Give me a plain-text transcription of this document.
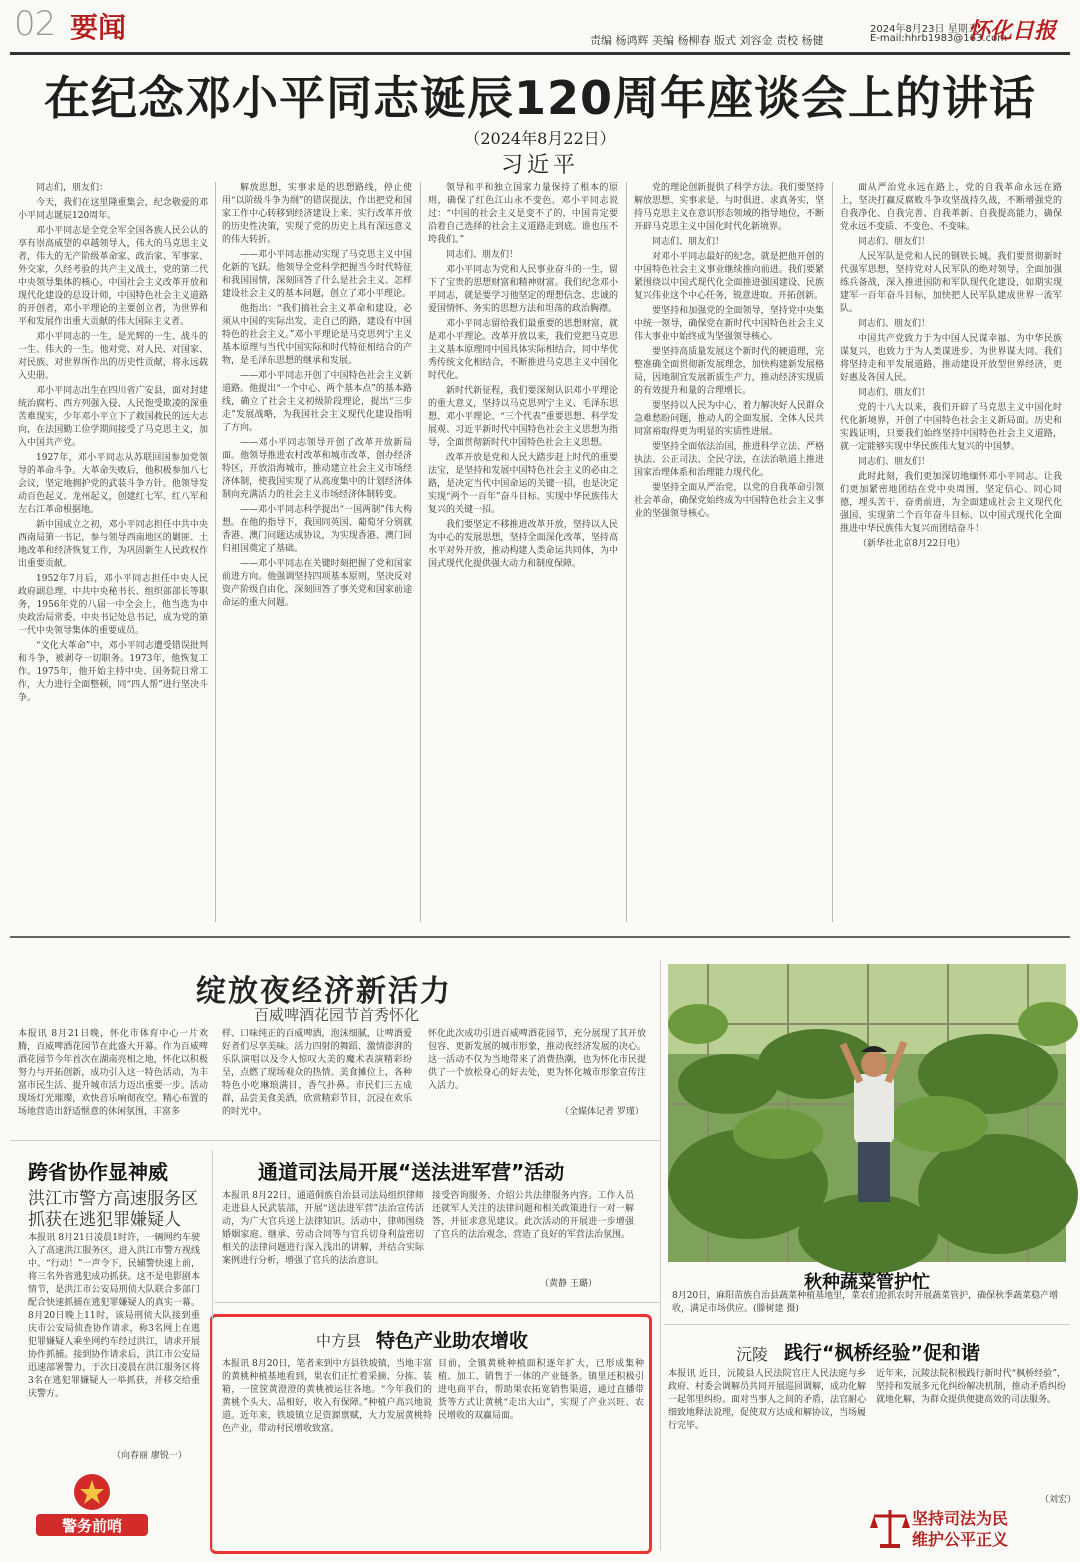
02 要闻	责编 杨鸿辉 美编 杨柳春 版式 刘容金 责校 杨健
2024年8月23日 星期五
E-mail:hhrb1983@163.com
怀化日报
在纪念邓小平同志诞辰120周年座谈会上的讲话
（2024年8月22日）
习近平

同志们，朋友们：

今天，我们在这里隆重集会，纪念敬爱的邓小平同志诞辰120周年。

邓小平同志是全党全军全国各族人民公认的享有崇高威望的卓越领导人，伟大的马克思主义者，伟大的无产阶级革命家、政治家、军事家、外交家，久经考验的共产主义战士，党的第二代中央领导集体的核心，中国社会主义改革开放和现代化建设的总设计师，中国特色社会主义道路的开创者，邓小平理论的主要创立者，为世界和平和发展作出重大贡献的伟大国际主义者。

邓小平同志的一生，是光辉的一生、战斗的一生、伟大的一生。他对党、对人民、对国家、对民族、对世界所作出的历史性贡献，将永远载入史册。

邓小平同志出生在四川省广安县，面对封建统治腐朽、西方列强入侵、人民饱受欺凌的深重苦难现实，少年邓小平立下了救国救民的远大志向，在法国勤工俭学期间接受了马克思主义，加入中国共产党。

1927年，邓小平同志从苏联回国参加党领导的革命斗争。大革命失败后，他积极参加八七会议，坚定地拥护党的武装斗争方针。他领导发动百色起义、龙州起义，创建红七军、红八军和左右江革命根据地。

新中国成立之初，邓小平同志担任中共中央西南局第一书记，参与领导西南地区的剿匪、土地改革和经济恢复工作，为巩固新生人民政权作出重要贡献。

1952年7月后，邓小平同志担任中央人民政府副总理、中共中央秘书长、组织部部长等职务，1956年党的八届一中全会上，他当选为中央政治局常委、中央书记处总书记，成为党的第一代中央领导集体的重要成员。

“文化大革命”中，邓小平同志遭受错误批判和斗争，被剥夺一切职务。1973年，他恢复工作。1975年，他开始主持中央、国务院日常工作，大力进行全面整顿，同“四人帮”进行坚决斗争。

解放思想，实事求是的思想路线，停止使用“以阶级斗争为纲”的错误提法，作出把党和国家工作中心转移到经济建设上来、实行改革开放的历史性决策，实现了党的历史上具有深远意义的伟大转折。

——邓小平同志推动实现了马克思主义中国化新的飞跃。他领导全党科学把握当今时代特征和我国国情，深刻回答了什么是社会主义、怎样建设社会主义的基本问题，创立了邓小平理论。

他指出：“我们搞社会主义革命和建设，必须从中国的实际出发，走自己的路，建设有中国特色的社会主义。”邓小平理论是马克思列宁主义基本原理与当代中国实际和时代特征相结合的产物，是毛泽东思想的继承和发展。

——邓小平同志开创了中国特色社会主义新道路。他提出“一个中心、两个基本点”的基本路线，确立了社会主义初级阶段理论，提出“三步走”发展战略，为我国社会主义现代化建设指明了方向。

——邓小平同志领导开创了改革开放新局面。他领导推进农村改革和城市改革，创办经济特区，开放沿海城市，推动建立社会主义市场经济体制，使我国实现了从高度集中的计划经济体制向充满活力的社会主义市场经济体制转变。

——邓小平同志科学提出“一国两制”伟大构想。在他的指导下，我国同英国、葡萄牙分别就香港、澳门问题达成协议，为实现香港、澳门回归祖国奠定了基础。

——邓小平同志在关键时刻把握了党和国家前进方向。他强调坚持四项基本原则，坚决反对资产阶级自由化，深刻回答了事关党和国家前途命运的重大问题。

领导和平和独立国家力量保持了根本的原则，确保了红色江山永不变色。邓小平同志说过：“中国的社会主义是变不了的，中国肯定要沿着自己选择的社会主义道路走到底。谁也压不垮我们。”

同志们、朋友们！

邓小平同志为党和人民事业奋斗的一生，留下了宝贵的思想财富和精神财富。我们纪念邓小平同志，就是要学习他坚定的理想信念、忠诚的爱国情怀、务实的思想方法和坦荡的政治胸襟。

邓小平同志留给我们最重要的思想财富，就是邓小平理论。改革开放以来，我们党把马克思主义基本原理同中国具体实际相结合，同中华优秀传统文化相结合，不断推进马克思主义中国化时代化。

新时代新征程，我们要深刻认识邓小平理论的重大意义，坚持以马克思列宁主义、毛泽东思想、邓小平理论、“三个代表”重要思想、科学发展观、习近平新时代中国特色社会主义思想为指导，全面贯彻新时代中国特色社会主义思想。

改革开放是党和人民大踏步赶上时代的重要法宝，是坚持和发展中国特色社会主义的必由之路，是决定当代中国命运的关键一招，也是决定实现“两个一百年”奋斗目标、实现中华民族伟大复兴的关键一招。

我们要坚定不移推进改革开放，坚持以人民为中心的发展思想，坚持全面深化改革，坚持高水平对外开放，推动构建人类命运共同体，为中国式现代化提供强大动力和制度保障。

党的理论创新提供了科学方法。我们要坚持解放思想、实事求是、与时俱进、求真务实，坚持马克思主义在意识形态领域的指导地位，不断开辟马克思主义中国化时代化新境界。

同志们、朋友们！

对邓小平同志最好的纪念，就是把他开创的中国特色社会主义事业继续推向前进。我们要紧紧围绕以中国式现代化全面推进强国建设、民族复兴伟业这个中心任务，锐意进取、开拓创新。

要坚持和加强党的全面领导，坚持党中央集中统一领导，确保党在新时代中国特色社会主义伟大事业中始终成为坚强领导核心。

要坚持高质量发展这个新时代的硬道理，完整准确全面贯彻新发展理念，加快构建新发展格局，因地制宜发展新质生产力，推动经济实现质的有效提升和量的合理增长。

要坚持以人民为中心，着力解决好人民群众急难愁盼问题，推动人的全面发展、全体人民共同富裕取得更为明显的实质性进展。

要坚持全面依法治国，推进科学立法、严格执法、公正司法、全民守法，在法治轨道上推进国家治理体系和治理能力现代化。

要坚持全面从严治党，以党的自我革命引领社会革命，确保党始终成为中国特色社会主义事业的坚强领导核心。

面从严治党永远在路上，党的自我革命永远在路上，坚决打赢反腐败斗争攻坚战持久战，不断增强党的自我净化、自我完善、自我革新、自我提高能力，确保党永远不变质、不变色、不变味。

同志们、朋友们！

人民军队是党和人民的钢铁长城。我们要贯彻新时代强军思想，坚持党对人民军队的绝对领导，全面加强练兵备战，深入推进国防和军队现代化建设，如期实现建军一百年奋斗目标，加快把人民军队建成世界一流军队。

同志们、朋友们！

中国共产党致力于为中国人民谋幸福、为中华民族谋复兴，也致力于为人类谋进步、为世界谋大同。我们将坚持走和平发展道路，推动建设开放型世界经济，更好惠及各国人民。

同志们、朋友们！

党的十八大以来，我们开辟了马克思主义中国化时代化新境界，开创了中国特色社会主义新局面。历史和实践证明，只要我们始终坚持中国特色社会主义道路，就一定能够实现中华民族伟大复兴的中国梦。

同志们、朋友们！

此时此刻，我们更加深切地缅怀邓小平同志。让我们更加紧密地团结在党中央周围，坚定信心、同心同德，埋头苦干、奋勇前进，为全面建成社会主义现代化强国、实现第二个百年奋斗目标、以中国式现代化全面推进中华民族伟大复兴而团结奋斗！

（新华社北京8月22日电）

绽放夜经济新活力
百威啤酒花园节首秀怀化
本报讯 8月21日晚，怀化市体育中心一片欢腾，百威啤酒花园节在此盛大开幕。作为百威啤酒花园节今年首次在湖南亮相之地，怀化以积极努力与开拓创新，成功引入这一特色活动，为丰富市民生活、提升城市活力迈出重要一步。活动现场灯光璀璨，欢快音乐响彻夜空。精心布置的场地营造出舒适惬意的休闲氛围，丰富多
样、口味纯正的百威啤酒，泡沫细腻，让啤酒爱好者们尽享美味。活力四射的舞蹈、激情澎湃的乐队演唱以及令人惊叹大美的魔术表演精彩纷呈，点燃了现场观众的热情。美食摊位上，各种特色小吃琳琅满目，香气扑鼻。市民们三五成群，品尝美食美酒，欣赏精彩节目，沉浸在欢乐的时光中。
怀化此次成功引进百威啤酒花园节，充分展现了其开放包容、更新发展的城市形象，推动夜经济发展的决心。这一活动不仅为当地带来了消费热潮，也为怀化市民提供了一个放松身心的好去处，更为怀化城市形象宣传注入活力。
（全媒体记者 罗瑾）
秋种蔬菜管护忙
8月20日，麻阳苗族自治县蔬菜种植基地里，菜农们抢抓农时开展蔬菜管护，确保秋季蔬菜稳产增收，满足市场供应。(滕树建 摄)
跨省协作显神威
洪江市警方高速服务区
抓获在逃犯罪嫌疑人
本报讯 8月21日凌晨1时许，一辆网约车驶入了高速洪江服务区，进入洪江市警方视线中。“行动！”一声令下，民辅警快速上前，将三名外省逃犯成功抓获。这不是电影剧本情节，是洪江市公安局刑侦大队联合多部门配合快速抓捕在逃犯罪嫌疑人的真实一幕。8月20日晚上11时，该局刑侦大队接到重庆市公安局侦查协作请求，称3名网上在逃犯罪嫌疑人乘坐网约车经过洪江，请求开展协作抓捕。接到协作请求后，洪江市公安局迅速部署警力，于次日凌晨在洪江服务区将3名在逃犯罪嫌疑人一举抓获，并移交给重庆警方。
（向春丽 廖锐一）
警务前哨
通道司法局开展“送法进军营”活动
本报讯 8月22日，通道侗族自治县司法局组织律师走进县人民武装部，开展“送法进军营”法治宣传活动，为广大官兵送上法律知识。活动中，律师围绕婚姻家庭、继承、劳动合同等与官兵切身利益密切相关的法律问题进行深入浅出的讲解，并结合实际案例进行分析，增强了官兵的法治意识。
接受咨询服务、介绍公共法律服务内容。工作人员还就军人关注的法律问题和相关政策进行一对一解答，并征求意见建议。此次活动的开展进一步增强了官兵的法治观念，营造了良好的军营法治氛围。
（黄静 王璐）
中方县 特色产业助农增收
本报讯 8月20日，笔者来到中方县铁坡镇，当地丰富的黄桃种植基地看到，果农们正忙着采摘、分拣、装箱，一筐筐黄澄澄的黄桃被运往各地。“今年我们的黄桃个头大、品相好，收入有保障。”种植户高兴地说道。近年来，铁坡镇立足资源禀赋，大力发展黄桃特色产业，带动村民增收致富。
目前，全镇黄桃种植面积逐年扩大，已形成集种植、加工、销售于一体的产业链条。镇里还积极引进电商平台，帮助果农拓宽销售渠道，通过直播带货等方式让黄桃“走出大山”，实现了产业兴旺、农民增收的双赢局面。
沅陵 践行“枫桥经验”促和谐
本报讯 近日，沅陵县人民法院官庄人民法庭与乡政府、村委会调解员共同开展巡回调解，成功化解一起邻里纠纷。面对当事人之间的矛盾，法官耐心细致地释法说理，促使双方达成和解协议，当场履行完毕。
近年来，沅陵法院积极践行新时代“枫桥经验”，坚持和发展多元化纠纷解决机制，推动矛盾纠纷就地化解，为群众提供便捷高效的司法服务。
（刘宏）
坚持司法为民
维护公平正义
